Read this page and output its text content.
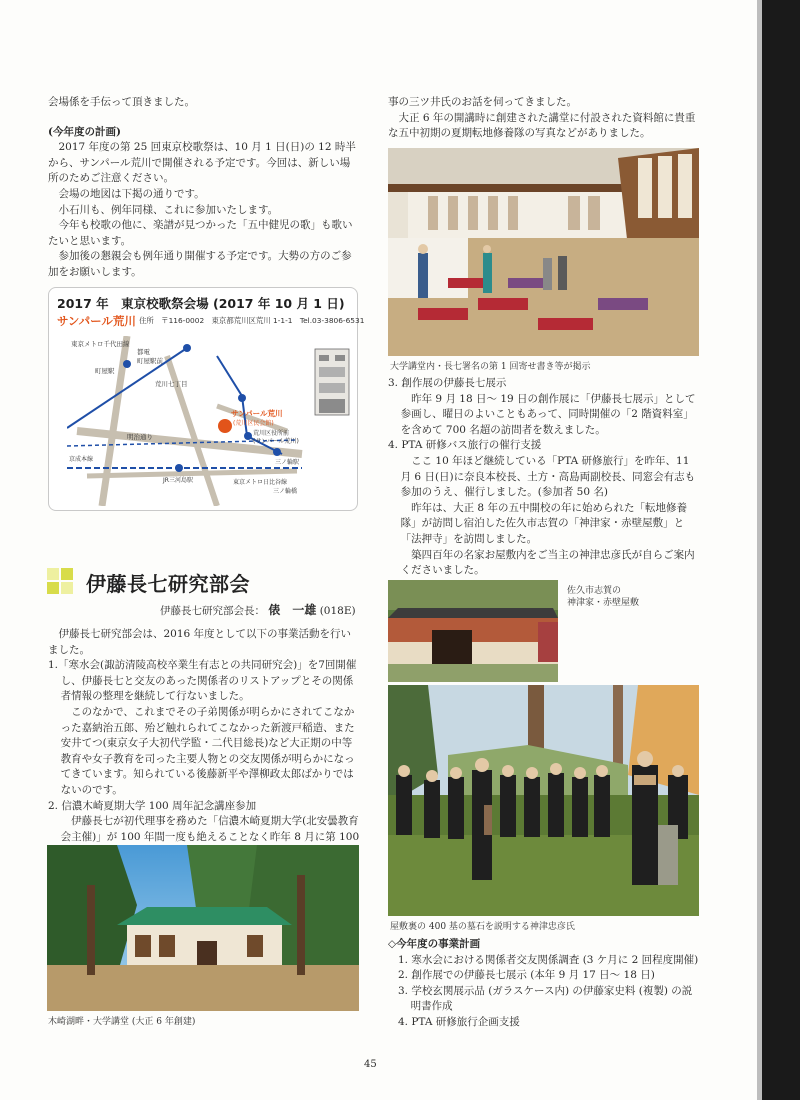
会場係を手伝って頂きました。

(今年度の計画)

2017 年度の第 25 回東京校歌祭は、10 月 1 日(日)の 12 時半から、サンパール荒川で開催される予定です。今回は、新しい場所のためご注意ください。

会場の地図は下掲の通りです。

小石川も、例年同様、これに参加いたします。

今年も校歌の他に、楽譜が見つかった「五中健児の歌」も歌いたいと思います。

参加後の懇親会も例年通り開催する予定です。大勢の方のご参加をお願いします。

2017 年　東京校歌祭会場 (2017 年 10 月 1 日)
サンパール荒川 住所　〒116-0002　東京都荒川区荒川 1-1-1　Tel.03-3806-6531
東京メトロ千代田線
町屋駅
都電
町屋駅前
荒川七丁目
サンパール荒川
(荒川区民会館)
荒川区役所前
(サンパール荒川)
明治通り
三ノ輪駅
東京メトロ日比谷線
JR三河島駅
京成本線
三ノ輪橋
伊藤長七研究部会
伊藤長七研究部会長： 俵　一雄 (018E)

伊藤長七研究部会は、2016 年度として以下の事業活動を行いました。

1.「寒水会(諏訪清陵高校卒業生有志との共同研究会)」を7回開催し、伊藤長七と交友のあった関係者のリストアップとその関係者情報の整理を継続して行ないました。

このなかで、これまでその子弟関係が明らかにされてこなかった嘉納治五郎、殆ど触れられてこなかった新渡戸稲造、また安井てつ(東京女子大初代学監・二代目総長)など大正期の中等教育や女子教育を司った主要人物との交友関係が明らかになってきています。知られている後藤新平や澤柳政太郎ばかりではないのです。

2. 信濃木崎夏期大学 100 周年記念講座参加

伊藤長七が初代理事を務めた「信濃木崎夏期大学(北安曇教育会主催)」が 100 年間一度も絶えることなく昨年 8 月に第 100

木崎湖畔・大学講堂 (大正 6 年創建)

事の三ツ井氏のお話を伺ってきました。

大正 6 年の開講時に創建された講堂に付設された資料館に貴重な五中初期の夏期転地修養隊の写真などがありました。

大学講堂内・長七署名の第 1 回寄せ書き等が掲示

3. 創作展の伊藤長七展示

昨年 9 月 18 日～ 19 日の創作展に「伊藤長七展示」として参画し、曜日のよいこともあって、同時開催の「2 階資料室」を含めて 700 名超の訪問者を数えました。

4. PTA 研修バス旅行の催行支援

ここ 10 年ほど継続している「PTA 研修旅行」を昨年、11 月 6 日(日)に奈良本校長、土方・高島両副校長、同窓会有志も参加のうえ、催行しました。(参加者 50 名)

昨年は、大正 8 年の五中開校の年に始められた「転地修養隊」が訪問し宿泊した佐久市志賀の「神津家・赤壁屋敷」と「法押寺」を訪問しました。

築四百年の名家お屋敷内をご当主の神津忠彦氏が自らご案内くださいました。

佐久市志賀の
神津家・赤壁屋敷
屋敷裏の 400 基の墓石を説明する神津忠彦氏

◇今年度の事業計画

1. 寒水会における関係者交友関係調査 (3 ケ月に 2 回程度開催)

2. 創作展での伊藤長七展示 (本年 9 月 17 日～ 18 日)

3. 学校玄関展示品 (ガラスケース内) の伊藤家史料 (複製) の説明書作成

4. PTA 研修旅行企画支援

45
